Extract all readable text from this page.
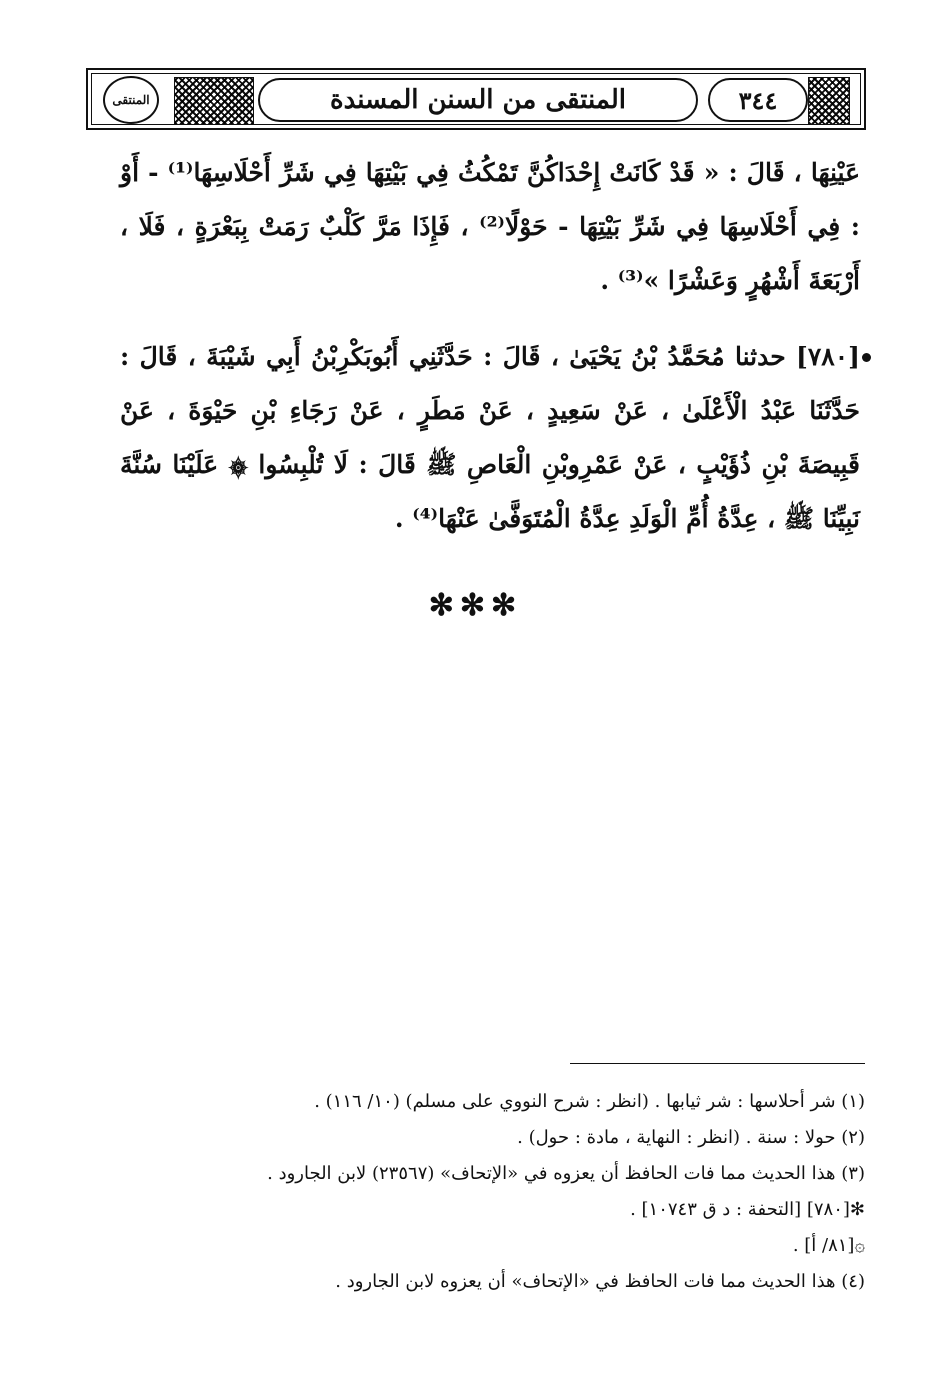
المنتقى	المنتقى من السنن المسندة	٣٤٤
عَيْنِهَا ، قَالَ : « قَدْ كَانَتْ إِحْدَاكُنَّ تَمْكُثُ فِي بَيْتِهَا فِي شَرِّ أَحْلَاسِهَا⁽¹⁾ - أَوْ : فِي أَحْلَاسِهَا فِي شَرِّ بَيْتِهَا - حَوْلًا⁽²⁾ ، فَإِذَا مَرَّ كَلْبٌ رَمَتْ بِبَعْرَةٍ ، فَلَا ، أَرْبَعَةَ أَشْهُرٍ وَعَشْرًا »⁽³⁾ .
[٧٨٠] حدثنا مُحَمَّدُ بْنُ يَحْيَىٰ ، قَالَ : حَدَّثَنِي أَبُوبَكْرِبْنُ أَبِي شَيْبَةَ ، قَالَ : حَدَّثَنَا عَبْدُ الْأَعْلَىٰ ، عَنْ سَعِيدٍ ، عَنْ مَطَرٍ ، عَنْ رَجَاءِ بْنِ حَيْوَةَ ، عَنْ قَبِيصَةَ بْنِ ذُؤَيْبٍ ، عَنْ عَمْرِوبْنِ الْعَاصِ ﷺ قَالَ : لَا تُلْبِسُوا ۞ عَلَيْنَا سُنَّةَ نَبِيِّنَا ﷺ ، عِدَّةُ أُمِّ الْوَلَدِ عِدَّةُ الْمُتَوَفَّىٰ عَنْهَا⁽⁴⁾ .
✻✻✻
(١) شر أحلاسها : شر ثيابها . (انظر : شرح النووي على مسلم) (١٠/ ١١٦) .
(٢) حولا : سنة . (انظر : النهاية ، مادة : حول) .
(٣) هذا الحديث مما فات الحافظ أن يعزوه في «الإتحاف» (٢٣٥٦٧) لابن الجارود .
✻[٧٨٠] [التحفة : د ق ١٠٧٤٣] .
۞[٨١/ أ] .
(٤) هذا الحديث مما فات الحافظ في «الإتحاف» أن يعزوه لابن الجارود .
